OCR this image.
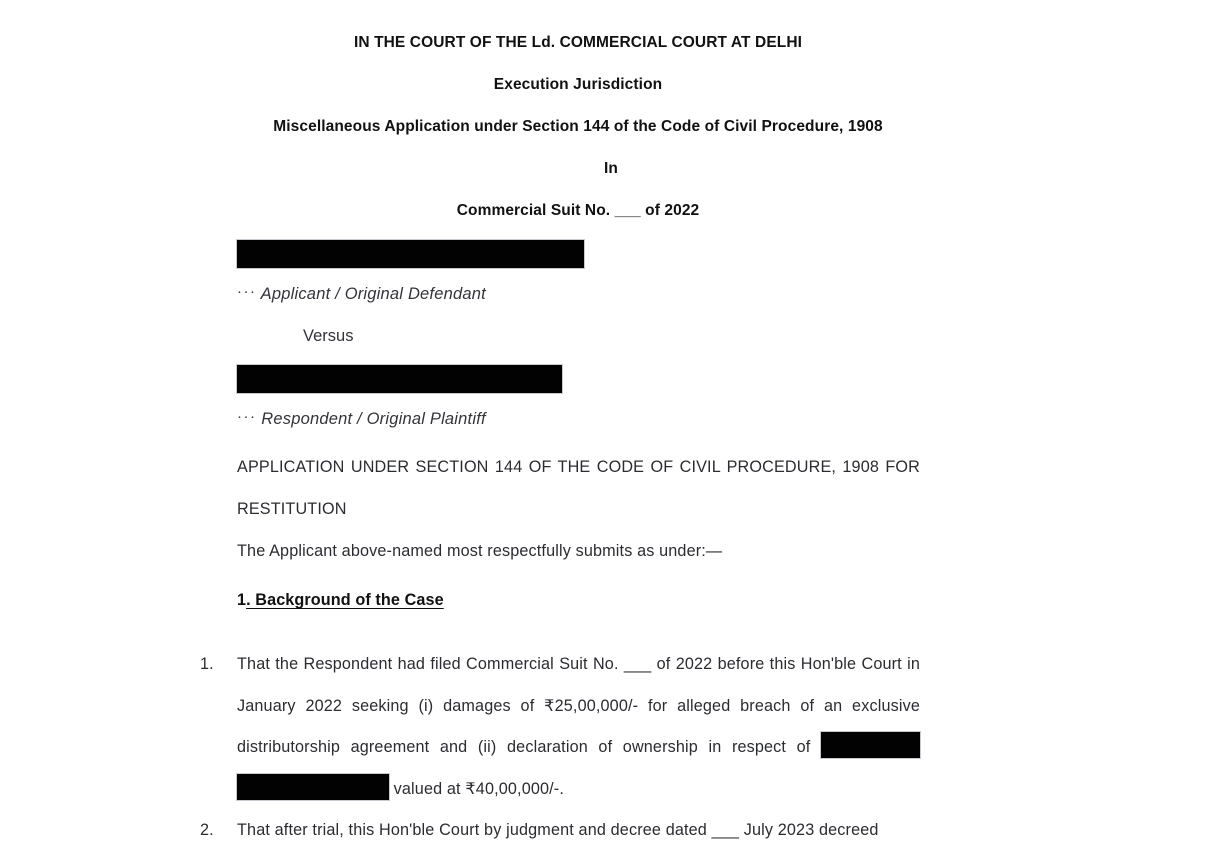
IN THE COURT OF THE Ld. COMMERCIAL COURT AT DELHI
Execution Jurisdiction
Miscellaneous Application under Section 144 of the Code of Civil Procedure, 1908
In
Commercial Suit No. ___ of 2022
··· Applicant / Original Defendant
Versus
··· Respondent / Original Plaintiff
APPLICATION UNDER SECTION 144 OF THE CODE OF CIVIL PROCEDURE, 1908 FOR RESTITUTION
The Applicant above-named most respectfully submits as under:—
1. Background of the Case
1.	That the Respondent had filed Commercial Suit No. ___ of 2022 before this Hon'ble Court in January 2022 seeking (i) damages of ₹25,00,000/- for alleged breach of an exclusive distributorship agreement and (ii) declaration of ownership in respect of   valued at ₹40,00,000/-.
2.	That after trial, this Hon'ble Court by judgment and decree dated ___ July 2023 decreed
